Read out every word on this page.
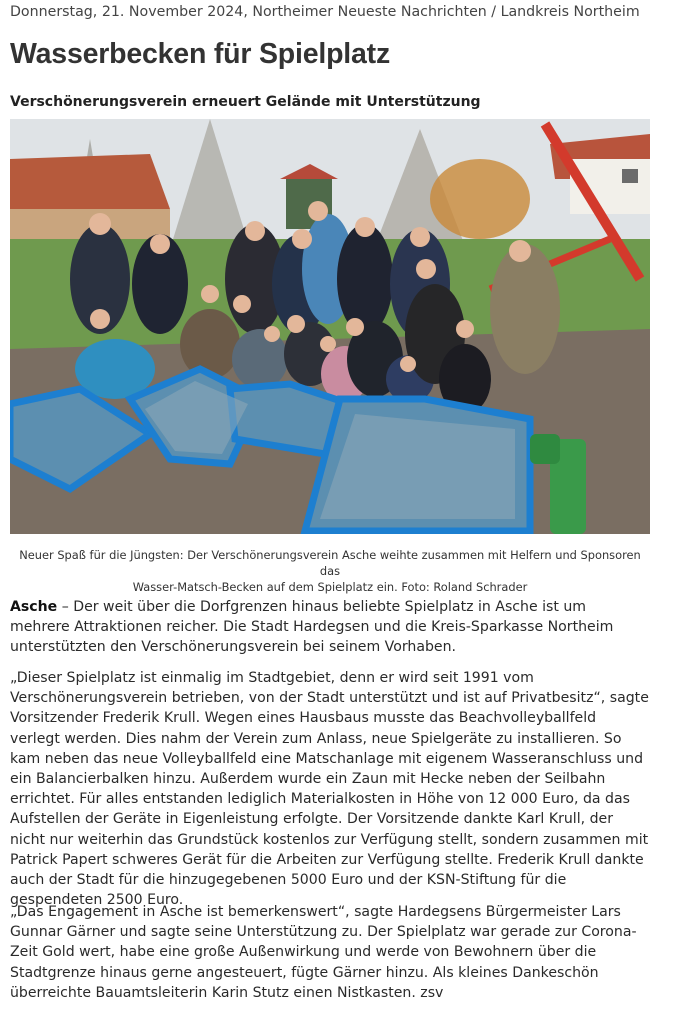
Donnerstag, 21. November 2024, Northeimer Neueste Nachrichten / Landkreis Northeim
Wasserbecken für Spielplatz
Verschönerungsverein erneuert Gelände mit Unterstützung
Neuer Spaß für die Jüngsten: Der Verschönerungsverein Asche weihte zusammen mit Helfern und Sponsoren das
Wasser-Matsch-Becken auf dem Spielplatz ein. Foto: Roland Schrader

Asche – Der weit über die Dorfgrenzen hinaus beliebte Spielplatz in Asche ist um mehrere Attraktionen reicher. Die Stadt Hardegsen und die Kreis-Sparkasse Northeim unterstützten den Verschönerungsverein bei seinem Vorhaben.

„Dieser Spielplatz ist einmalig im Stadtgebiet, denn er wird seit 1991 vom Verschönerungsverein betrieben, von der Stadt unterstützt und ist auf Privatbesitz“, sagte Vorsitzender Frederik Krull. Wegen eines Hausbaus musste das Beachvolleyballfeld verlegt werden. Dies nahm der Verein zum Anlass, neue Spielgeräte zu installieren. So kam neben das neue Volleyballfeld eine Matschanlage mit eigenem Wasseranschluss und ein Balancierbalken hinzu. Außerdem wurde ein Zaun mit Hecke neben der Seilbahn errichtet. Für alles entstanden lediglich Materialkosten in Höhe von 12 000 Euro, da das Aufstellen der Geräte in Eigenleistung erfolgte. Der Vorsitzende dankte Karl Krull, der nicht nur weiterhin das Grundstück kostenlos zur Verfügung stellt, sondern zusammen mit Patrick Papert schweres Gerät für die Arbeiten zur Verfügung stellte. Frederik Krull dankte auch der Stadt für die hinzugegebenen 5000 Euro und der KSN-Stiftung für die gespendeten 2500 Euro.

„Das Engagement in Asche ist bemerkenswert“, sagte Hardegsens Bürgermeister Lars Gunnar Gärner und sagte seine Unterstützung zu. Der Spielplatz war gerade zur Corona-Zeit Gold wert, habe eine große Außenwirkung und werde von Bewohnern über die Stadtgrenze hinaus gerne angesteuert, fügte Gärner hinzu. Als kleines Dankeschön überreichte Bauamtsleiterin Karin Stutz einen Nistkasten. zsv
